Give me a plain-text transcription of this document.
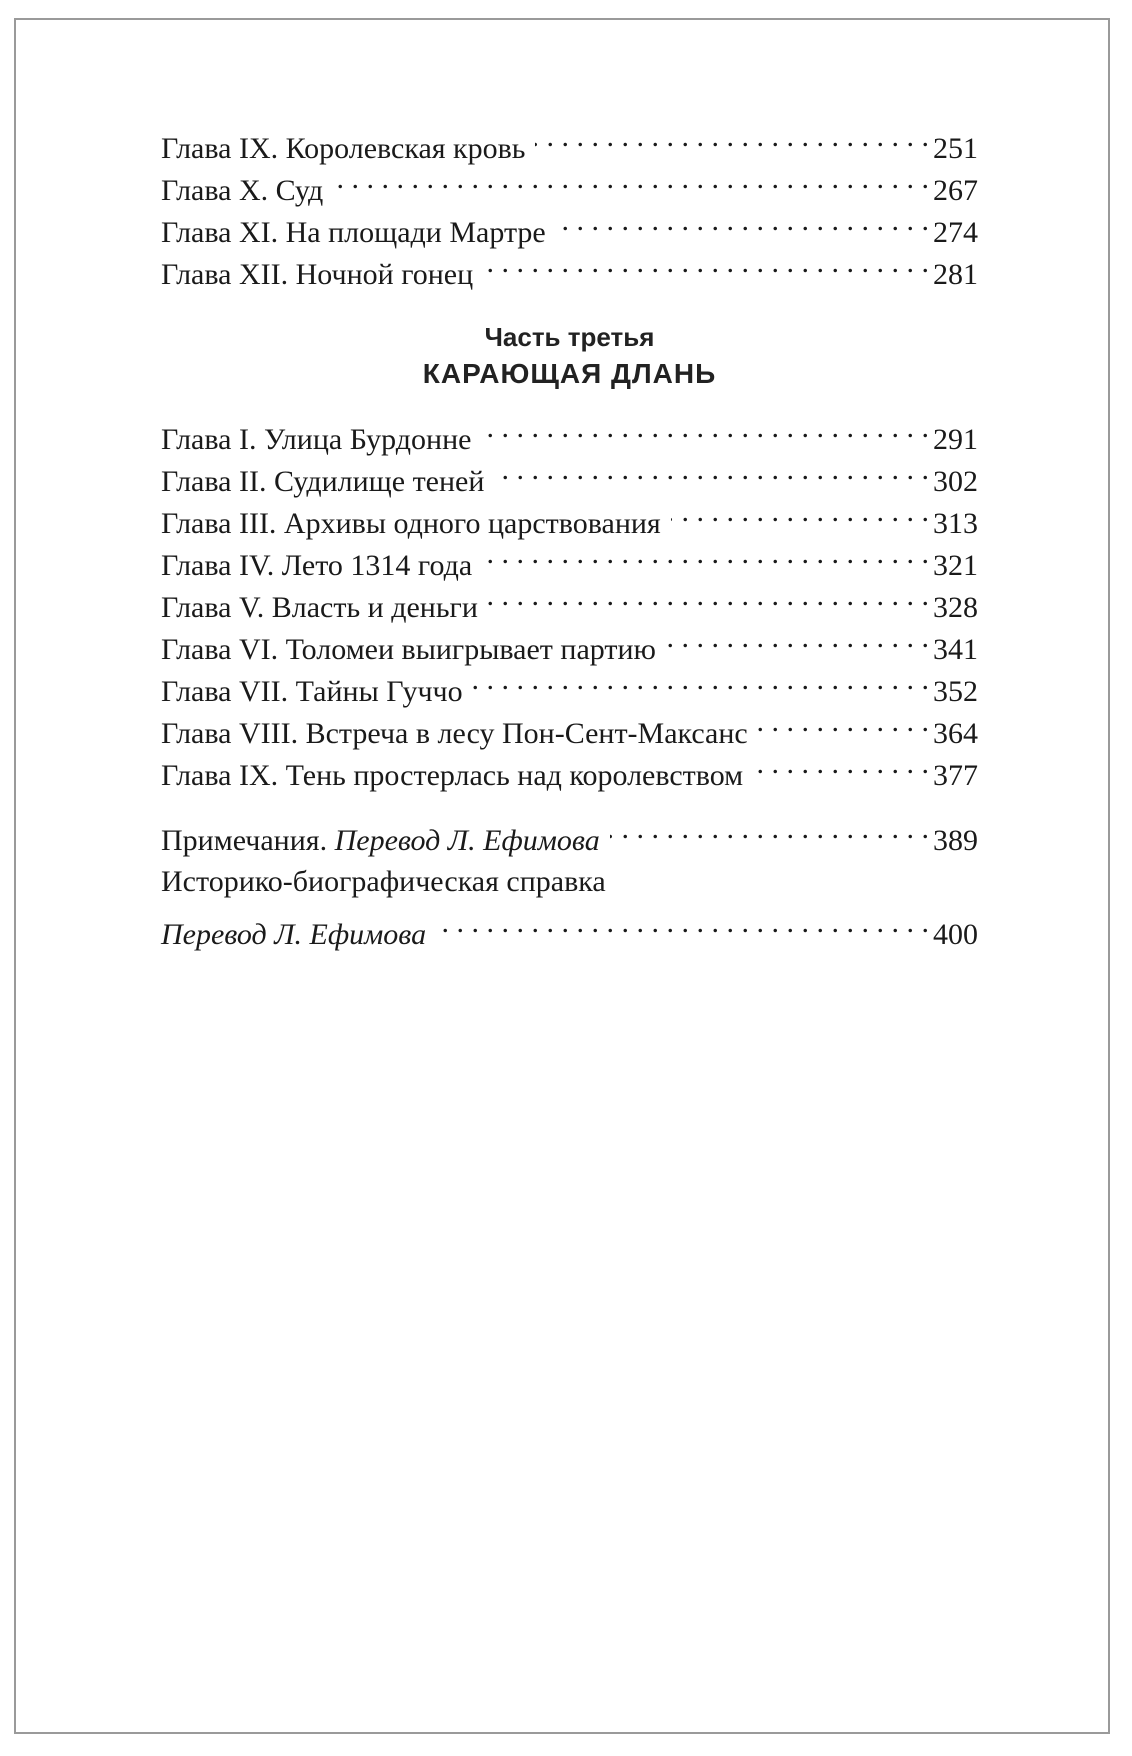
Глава IX. Королевская кровь . . .	251
Глава X. Суд . . .	267
Глава XI. На площади Мартре . . .	274
Глава XII. Ночной гонец . . .	281
Часть третья
КАРАЮЩАЯ ДЛАНЬ
Глава I. Улица Бурдонне . . .	291
Глава II. Судилище теней . . .	302
Глава III. Архивы одного царствования . . .	313
Глава IV. Лето 1314 года . . .	321
Глава V. Власть и деньги . . .	328
Глава VI. Толомеи выигрывает партию . . .	341
Глава VII. Тайны Гуччо . . .	352
Глава VIII. Встреча в лесу Пон-Сент-Максанс . . .	364
Глава IX. Тень простерлась над королевством . . .	377
Примечания. Перевод Л. Ефимова . . .	389
Историко-биографическая справка
Перевод Л. Ефимова . . .	400
